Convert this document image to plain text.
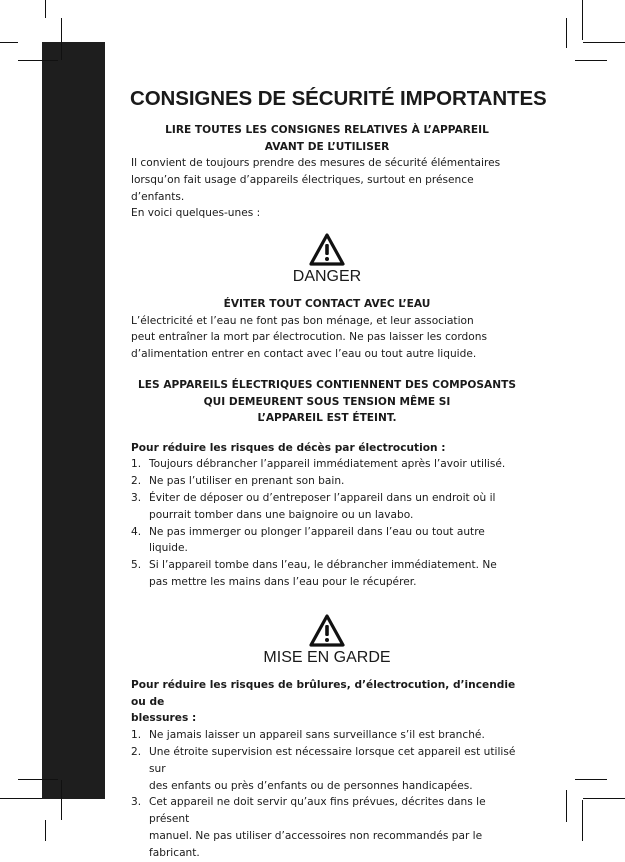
CONSIGNES DE SÉCURITÉ IMPORTANTES
LIRE TOUTES LES CONSIGNES RELATIVES À L’APPAREIL
AVANT DE L’UTILISER
Il convient de toujours prendre des mesures de sécurité élémentaires
lorsqu’on fait usage d’appareils électriques, surtout en présence d’enfants.
En voici quelques-unes :
DANGER
ÉVITER TOUT CONTACT AVEC L’EAU
L’électricité et l’eau ne font pas bon ménage, et leur association
peut entraîner la mort par électrocution. Ne pas laisser les cordons
d’alimentation entrer en contact avec l’eau ou tout autre liquide.
LES APPAREILS ÉLECTRIQUES CONTIENNENT DES COMPOSANTS
QUI DEMEURENT SOUS TENSION MÊME SI
L’APPAREIL EST ÉTEINT.
Pour réduire les risques de décès par électrocution :
1. Toujours débrancher l’appareil immédiatement après l’avoir utilisé.
2. Ne pas l’utiliser en prenant son bain.
3. Éviter de déposer ou d’entreposer l’appareil dans un endroit où il
pourrait tomber dans une baignoire ou un lavabo.
4. Ne pas immerger ou plonger l’appareil dans l’eau ou tout autre liquide.
5. Si l’appareil tombe dans l’eau, le débrancher immédiatement. Ne
pas mettre les mains dans l’eau pour le récupérer.
MISE EN GARDE
Pour réduire les risques de brûlures, d’électrocution, d’incendie ou de
blessures :
1. Ne jamais laisser un appareil sans surveillance s’il est branché.
2. Une étroite supervision est nécessaire lorsque cet appareil est utilisé sur
des enfants ou près d’enfants ou de personnes handicapées.
3. Cet appareil ne doit servir qu’aux fins prévues, décrites dans le présent
manuel. Ne pas utiliser d’accessoires non recommandés par le fabricant.
